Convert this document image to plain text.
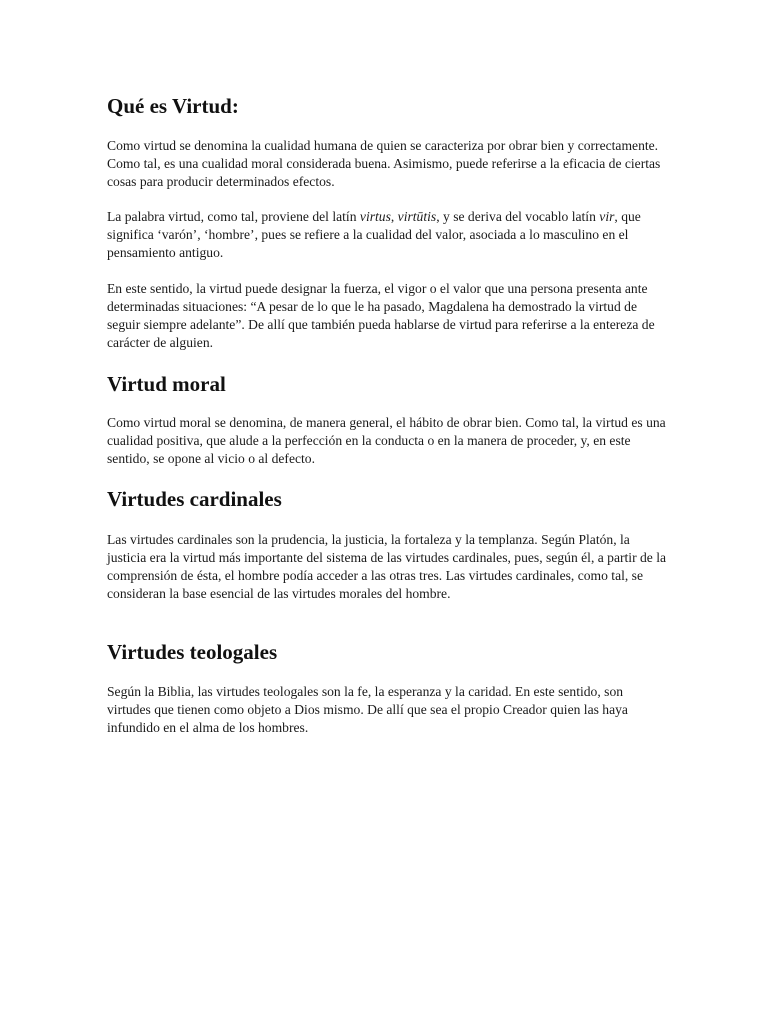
Qué es Virtud:

Como virtud se denomina la cualidad humana de quien se caracteriza por obrar bien y correctamente. Como tal, es una cualidad moral considerada buena. Asimismo, puede referirse a la eficacia de ciertas cosas para producir determinados efectos.

La palabra virtud, como tal, proviene del latín virtus, virtūtis, y se deriva del vocablo latín vir, que significa ‘varón’, ‘hombre’, pues se refiere a la cualidad del valor, asociada a lo masculino en el pensamiento antiguo.

En este sentido, la virtud puede designar la fuerza, el vigor o el valor que una persona presenta ante determinadas situaciones: “A pesar de lo que le ha pasado, Magdalena ha demostrado la virtud de seguir siempre adelante”. De allí que también pueda hablarse de virtud para referirse a la entereza de carácter de alguien.

Virtud moral

Como virtud moral se denomina, de manera general, el hábito de obrar bien. Como tal, la virtud es una cualidad positiva, que alude a la perfección en la conducta o en la manera de proceder, y, en este sentido, se opone al vicio o al defecto.

Virtudes cardinales

Las virtudes cardinales son la prudencia, la justicia, la fortaleza y la templanza. Según Platón, la justicia era la virtud más importante del sistema de las virtudes cardinales, pues, según él, a partir de la comprensión de ésta, el hombre podía acceder a las otras tres. Las virtudes cardinales, como tal, se consideran la base esencial de las virtudes morales del hombre.

Virtudes teologales

Según la Biblia, las virtudes teologales son la fe, la esperanza y la caridad. En este sentido, son virtudes que tienen como objeto a Dios mismo. De allí que sea el propio Creador quien las haya infundido en el alma de los hombres.
